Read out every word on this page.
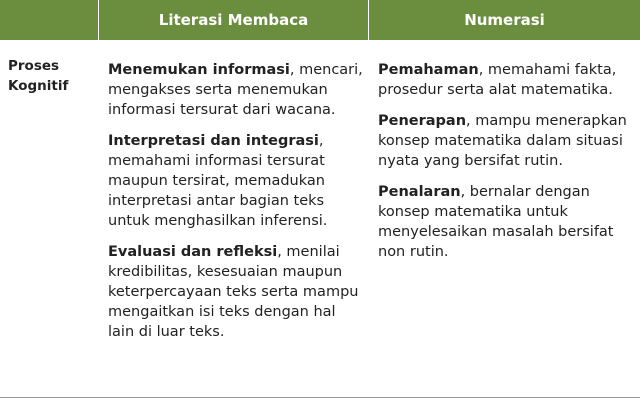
Literasi Membaca	Numerasi
Proses Kognitif
Menemukan informasi, mencari, mengakses serta menemukan informasi tersurat dari wacana.
Interpretasi dan integrasi, memahami informasi tersurat maupun tersirat, memadukan interpretasi antar bagian teks untuk menghasilkan inferensi.
Evaluasi dan refleksi, menilai kredibilitas, kesesuaian maupun keterpercayaan teks serta mampu mengaitkan isi teks dengan hal lain di luar teks.
Pemahaman, memahami fakta, prosedur serta alat matematika.
Penerapan, mampu menerapkan konsep matematika dalam situasi nyata yang bersifat rutin.
Penalaran, bernalar dengan konsep matematika untuk menyelesaikan masalah bersifat non rutin.
